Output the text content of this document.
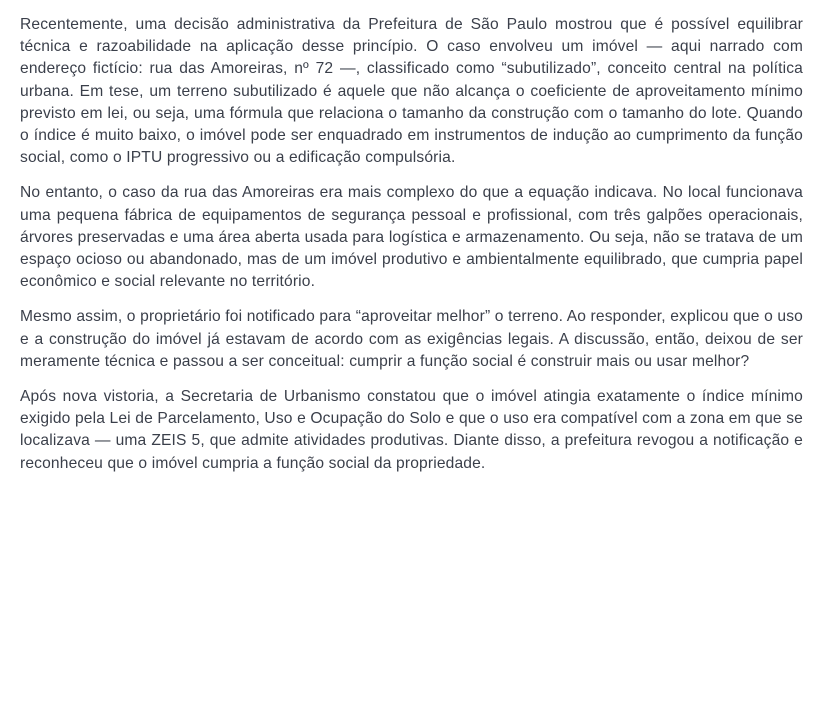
Recentemente, uma decisão administrativa da Prefeitura de São Paulo mostrou que é possível equilibrar técnica e razoabilidade na aplicação desse princípio. O caso envolveu um imóvel — aqui narrado com endereço fictício: rua das Amoreiras, nº 72 —, classificado como “subutilizado”, conceito central na política urbana. Em tese, um terreno subutilizado é aquele que não alcança o coeficiente de aproveitamento mínimo previsto em lei, ou seja, uma fórmula que relaciona o tamanho da construção com o tamanho do lote. Quando o índice é muito baixo, o imóvel pode ser enquadrado em instrumentos de indução ao cumprimento da função social, como o IPTU progressivo ou a edificação compulsória.

No entanto, o caso da rua das Amoreiras era mais complexo do que a equação indicava. No local funcionava uma pequena fábrica de equipamentos de segurança pessoal e profissional, com três galpões operacionais, árvores preservadas e uma área aberta usada para logística e armazenamento. Ou seja, não se tratava de um espaço ocioso ou abandonado, mas de um imóvel produtivo e ambientalmente equilibrado, que cumpria papel econômico e social relevante no território.

Mesmo assim, o proprietário foi notificado para “aproveitar melhor” o terreno. Ao responder, explicou que o uso e a construção do imóvel já estavam de acordo com as exigências legais. A discussão, então, deixou de ser meramente técnica e passou a ser conceitual: cumprir a função social é construir mais ou usar melhor?

Após nova vistoria, a Secretaria de Urbanismo constatou que o imóvel atingia exatamente o índice mínimo exigido pela Lei de Parcelamento, Uso e Ocupação do Solo e que o uso era compatível com a zona em que se localizava — uma ZEIS 5, que admite atividades produtivas. Diante disso, a prefeitura revogou a notificação e reconheceu que o imóvel cumpria a função social da propriedade.
